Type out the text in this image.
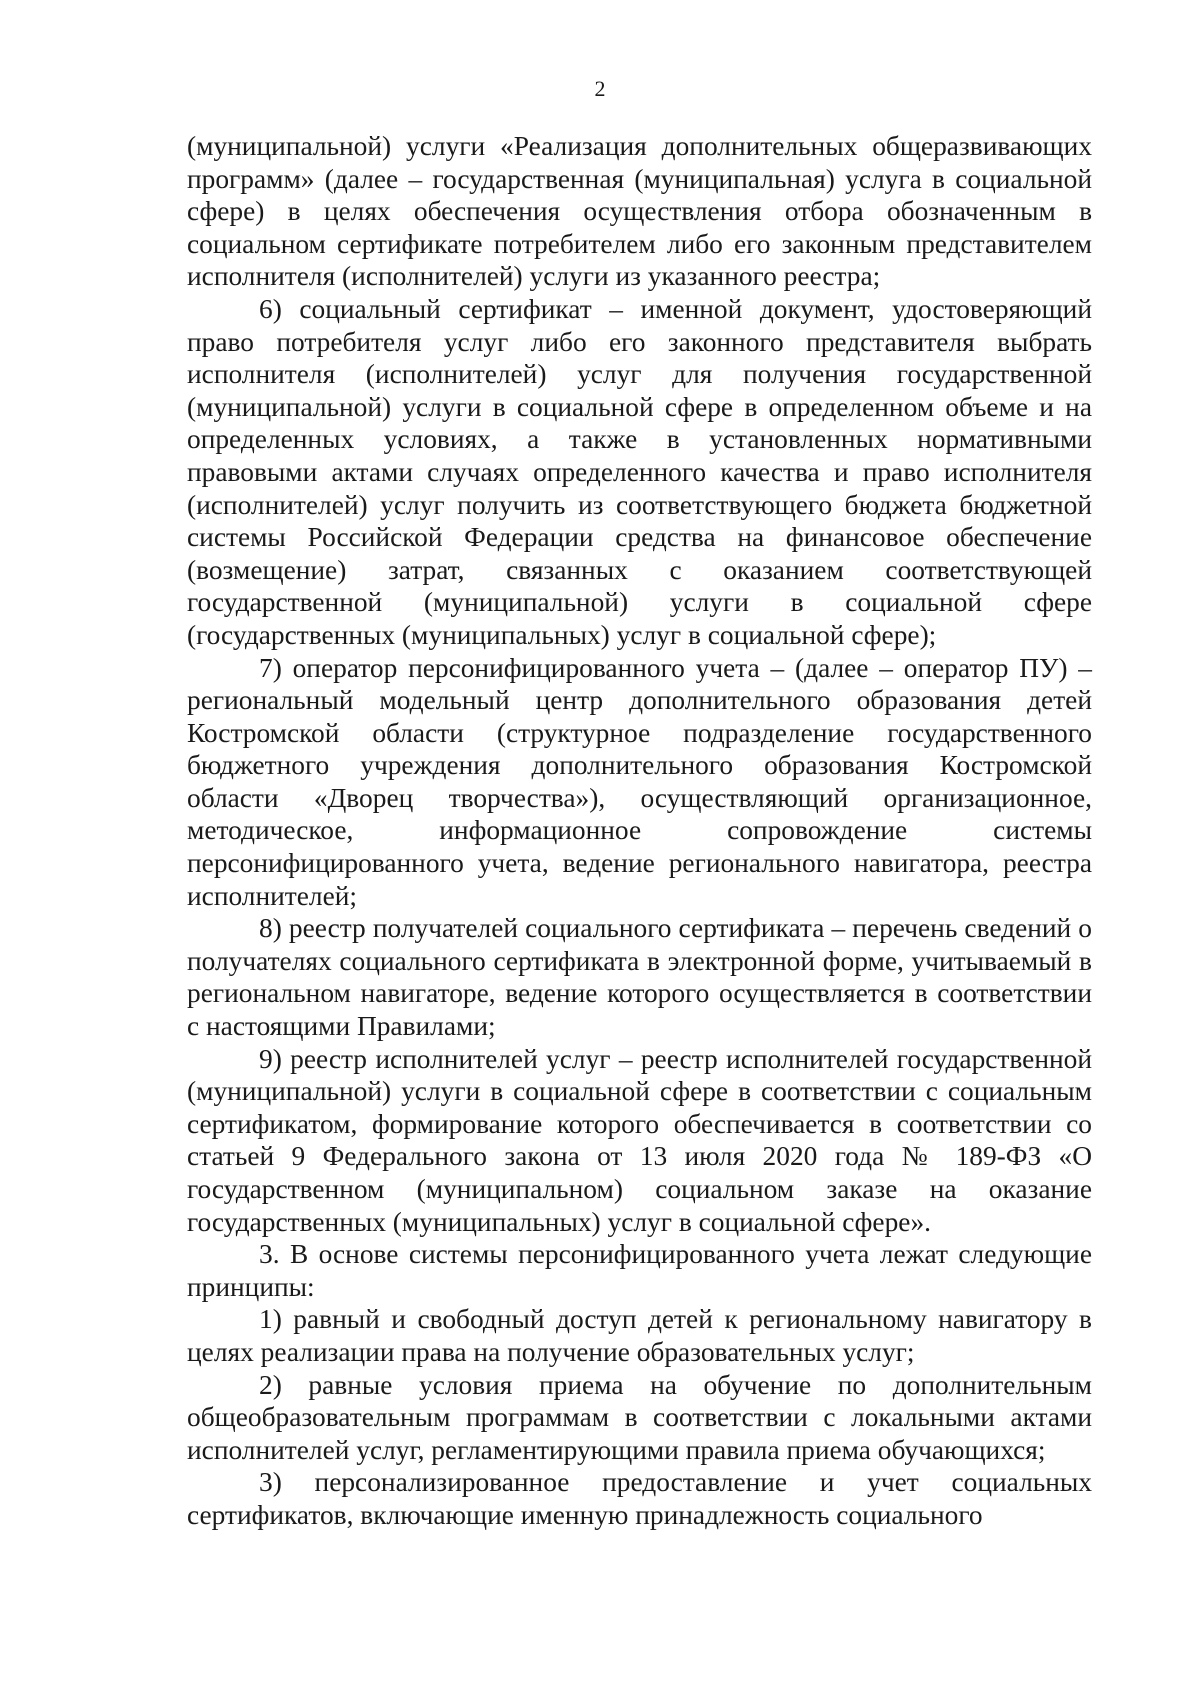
2

(муниципальной) услуги «Реализация дополнительных общеразвивающих программ» (далее – государственная (муниципальная) услуга в социальной сфере) в целях обеспечения осуществления отбора обозначенным в социальном сертификате потребителем либо его законным представителем исполнителя (исполнителей) услуги из указанного реестра;

6) социальный сертификат – именной документ, удостоверяющий право потребителя услуг либо его законного представителя выбрать исполнителя (исполнителей) услуг для получения государственной (муниципальной) услуги в социальной сфере в определенном объеме и на определенных условиях, а также в установленных нормативными правовыми актами случаях определенного качества и право исполнителя (исполнителей) услуг получить из соответствующего бюджета бюджетной системы Российской Федерации средства на финансовое обеспечение (возмещение) затрат, связанных с оказанием соответствующей государственной (муниципальной) услуги в социальной сфере (государственных (муниципальных) услуг в социальной сфере);

7) оператор персонифицированного учета – (далее – оператор ПУ) – региональный модельный центр дополнительного образования детей Костромской области (структурное подразделение государственного бюджетного учреждения дополнительного образования Костромской области «Дворец творчества»), осуществляющий организационное, методическое, информационное сопровождение системы персонифицированного учета, ведение регионального навигатора, реестра исполнителей;

8) реестр получателей социального сертификата – перечень сведений о получателях социального сертификата в электронной форме, учитываемый в региональном навигаторе, ведение которого осуществляется в соответствии с настоящими Правилами;

9) реестр исполнителей услуг – реестр исполнителей государственной (муниципальной) услуги в социальной сфере в соответствии с социальным сертификатом, формирование которого обеспечивается в соответствии со статьей 9 Федерального закона от 13 июля 2020 года № 189-ФЗ «О государственном (муниципальном) социальном заказе на оказание государственных (муниципальных) услуг в социальной сфере».

3. В основе системы персонифицированного учета лежат следующие принципы:

1) равный и свободный доступ детей к региональному навигатору в целях реализации права на получение образовательных услуг;

2) равные условия приема на обучение по дополнительным общеобразовательным программам в соответствии с локальными актами исполнителей услуг, регламентирующими правила приема обучающихся;

3) персонализированное предоставление и учет социальных сертификатов, включающие именную принадлежность социального
